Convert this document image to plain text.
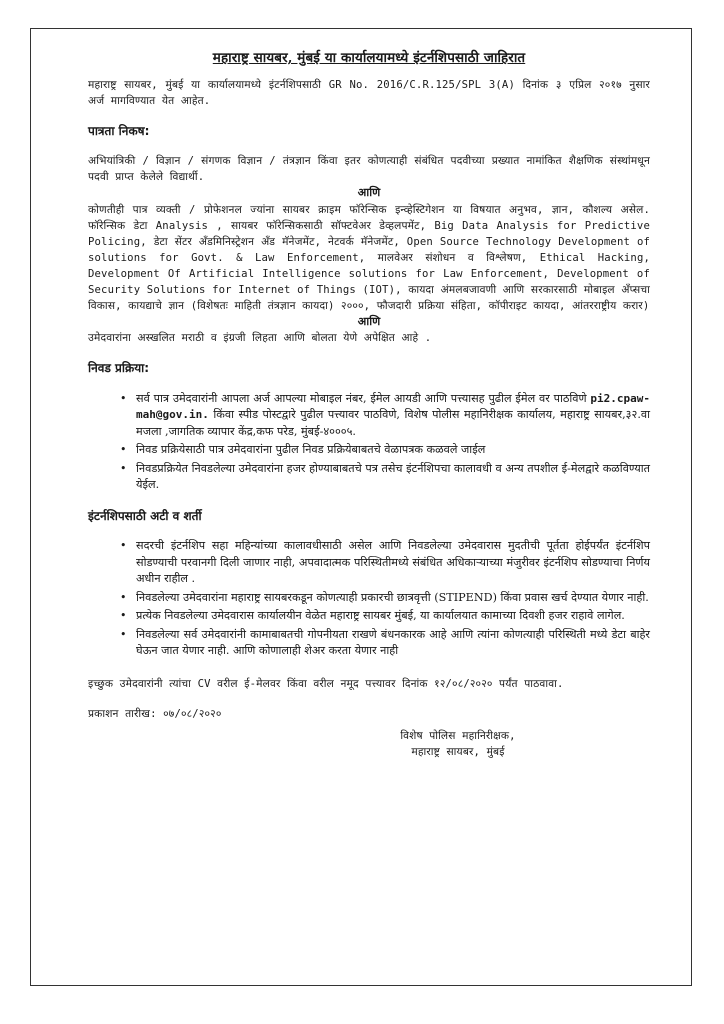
महाराष्ट्र सायबर, मुंबई या कार्यालयामध्ये इंटर्नशिपसाठी जाहिरात

महाराष्ट्र सायबर, मुंबई या कार्यालयामध्ये इंटर्नशिपसाठी GR No. 2016/C.R.125/SPL 3(A) दिनांक ३ एप्रिल २०१७ नुसार अर्ज मागविण्यात येत आहेत.

पात्रता निकष:

अभियांत्रिकी / विज्ञान / संगणक विज्ञान / तंत्रज्ञान किंवा इतर कोणत्याही संबंधित पदवीच्या प्रख्यात नामांकित शैक्षणिक संस्थांमधून पदवी प्राप्त केलेले विद्यार्थी.

आणि

कोणतीही पात्र व्यक्ती / प्रोफेशनल ज्यांना सायबर क्राइम फॉरेन्सिक इन्व्हेस्टिगेशन या विषयात अनुभव, ज्ञान, कौशल्य असेल. फॉरेन्सिक डेटा Analysis , सायबर फॉरेन्सिकसाठी सॉफ्टवेअर डेव्हलपमेंट, Big Data Analysis for Predictive Policing, डेटा सेंटर अँडमिनिस्ट्रेशन अँड मॅनेजमेंट, नेटवर्क मॅनेजमेंट, Open Source Technology Development of solutions for Govt. & Law Enforcement, मालवेअर संशोधन व विश्लेषण, Ethical Hacking, Development Of Artificial Intelligence solutions for Law Enforcement, Development of Security Solutions for Internet of Things (IOT), कायदा अंमलबजावणी आणि सरकारसाठी मोबाइल अँप्सचा विकास, कायद्याचे ज्ञान (विशेषतः माहिती तंत्रज्ञान कायदा) २०००, फौजदारी प्रक्रिया संहिता, कॉपीराइट कायदा, आंतरराष्ट्रीय करार)

आणि

उमेदवारांना अस्खलित मराठी व इंग्रजी लिहता आणि बोलता येणे अपेक्षित आहे .

निवड प्रक्रिया:
• सर्व पात्र उमेदवारांनी आपला अर्ज आपल्या मोबाइल नंबर, ईमेल आयडी आणि पत्त्यासह पुढील ईमेल वर पाठविणे pi2.cpaw-mah@gov.in. किंवा स्पीड पोस्टद्वारे पुढील पत्त्यावर पाठविणे, विशेष पोलीस महानिरीक्षक कार्यालय, महाराष्ट्र सायबर,३२.वा मजला ,जागतिक व्यापार केंद्र,कफ परेड, मुंबई-४०००५.
• निवड प्रक्रियेसाठी पात्र उमेदवारांना पुढील निवड प्रक्रियेबाबतचे वेळापत्रक कळवले जाईल
• निवडप्रक्रियेत निवडलेल्या उमेदवारांना हजर होण्याबाबतचे पत्र तसेच इंटर्नशिपचा कालावधी व अन्य तपशील ई-मेलद्वारे कळविण्यात येईल.
इंटर्नशिपसाठी अटी व शर्ती
• सदरची इंटर्नशिप सहा महिन्यांच्या कालावधीसाठी असेल आणि निवडलेल्या उमेदवारास मुदतीची पूर्तता होईपर्यंत इंटर्नशिप सोडण्याची परवानगी दिली जाणार नाही, अपवादात्मक परिस्थितीमध्ये संबंधित अधिकाऱ्याच्या मंजुरीवर इंटर्नशिप सोडण्याचा निर्णय अधीन राहील .
• निवडलेल्या उमेदवारांना महाराष्ट्र सायबरकडून कोणत्याही प्रकारची छात्रवृत्ती (STIPEND) किंवा प्रवास खर्च देण्यात येणार नाही.
• प्रत्येक निवडलेल्या उमेदवारास कार्यालयीन वेळेत महाराष्ट्र सायबर मुंबई, या कार्यालयात कामाच्या दिवशी हजर राहावे लागेल.
• निवडलेल्या सर्व उमेदवारांनी कामाबाबतची गोपनीयता राखणे बंधनकारक आहे आणि त्यांना कोणत्याही परिस्थिती मध्ये डेटा बाहेर घेऊन जात येणार नाही. आणि कोणालाही शेअर करता येणार नाही

इच्छुक उमेदवारांनी त्यांचा CV वरील ई-मेलवर किंवा वरील नमूद पत्त्यावर दिनांक १२/०८/२०२० पर्यंत पाठवावा.

प्रकाशन तारीख: ०७/०८/२०२०

विशेष पोलिस महानिरीक्षक,
महाराष्ट्र सायबर, मुंबई
